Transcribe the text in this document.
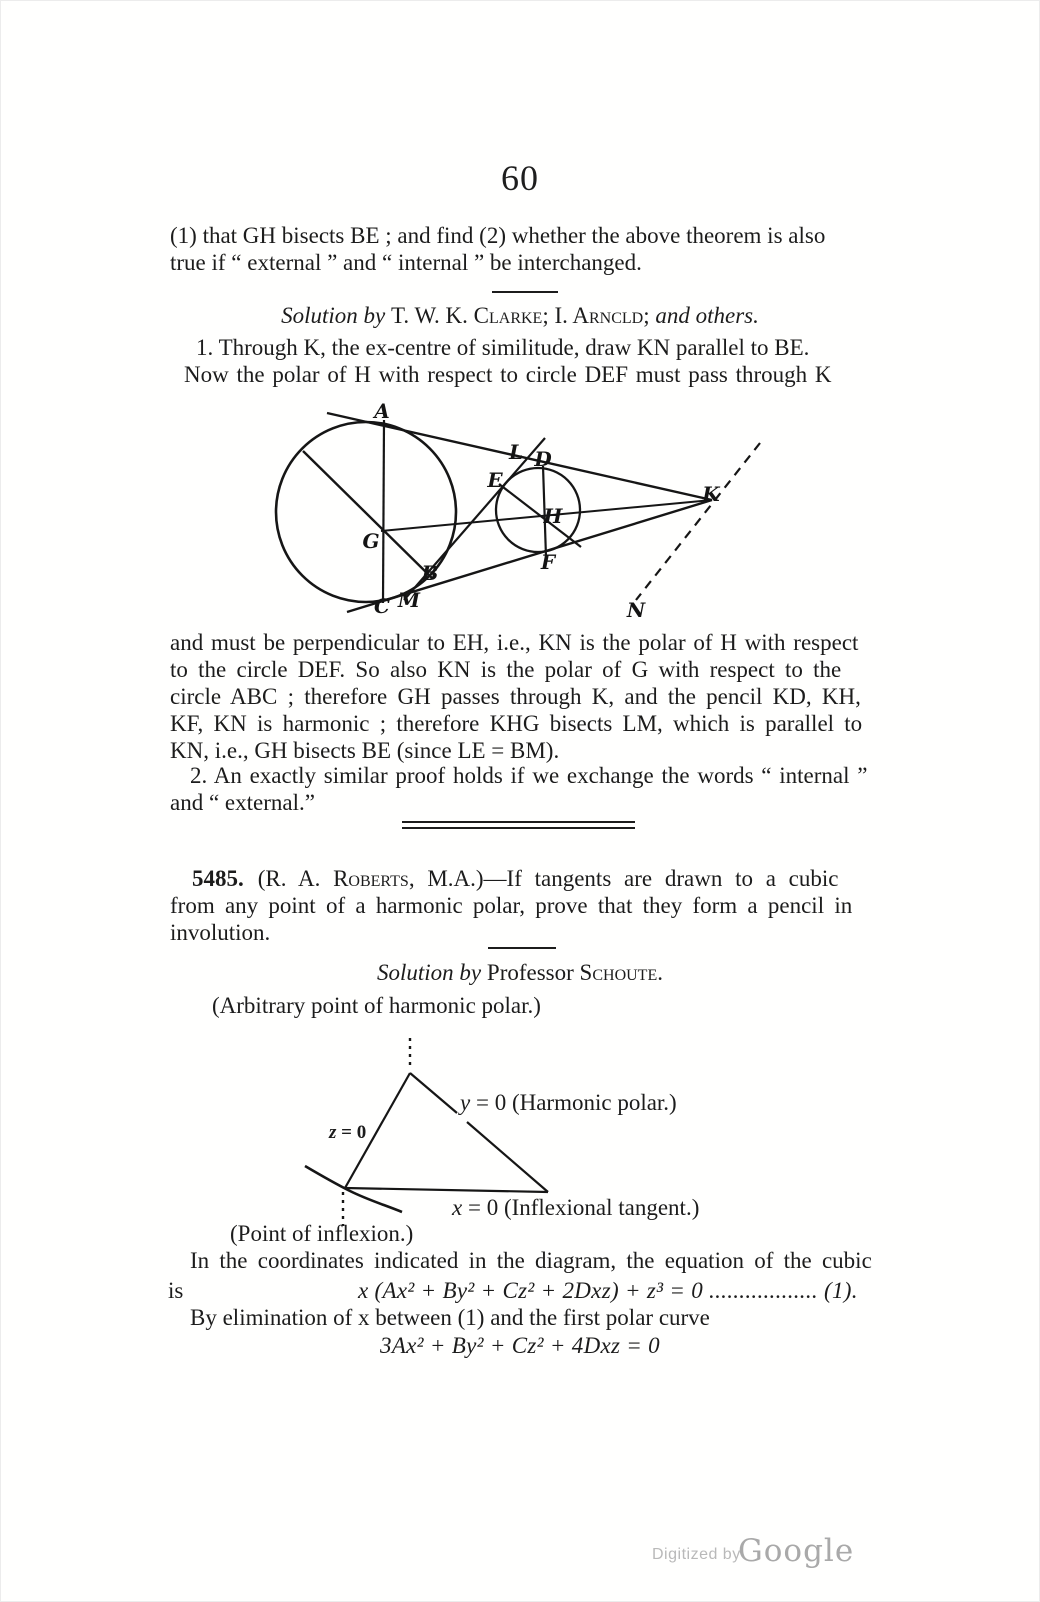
60
(1) that GH bisects BE ; and find (2) whether the above theorem is also
true if “ external ” and “ internal ” be interchanged.
Solution by T. W. K. Clarke; I. Arncld; and others.
1. Through K, the ex-centre of similitude, draw KN parallel to BE.
Now the polar of H with respect to circle DEF must pass through K
A
L D
E
K
H
G
F
B
C M	N
and must be perpendicular to EH, i.e., KN is the polar of H with respect
to the circle DEF. So also KN is the polar of G with respect to the
circle ABC ; therefore GH passes through K, and the pencil KD, KH,
KF, KN is harmonic ; therefore KHG bisects LM, which is parallel to
KN, i.e., GH bisects BE (since LE = BM).
2. An exactly similar proof holds if we exchange the words “ internal ”
and “ external.”
5485. (R. A. Roberts, M.A.)—If tangents are drawn to a cubic
from any point of a harmonic polar, prove that they form a pencil in
involution.
Solution by Professor Schoute.
(Arbitrary point of harmonic polar.)
z = 0
y = 0 (Harmonic polar.)
x = 0 (Inflexional tangent.)
(Point of inflexion.)
In the coordinates indicated in the diagram, the equation of the cubic
is	x (Ax² + By² + Cz² + 2Dxz) + z³ = 0 .................. (1).
By elimination of x between (1) and the first polar curve
3Ax² + By² + Cz² + 4Dxz = 0
Digitized by
Google
